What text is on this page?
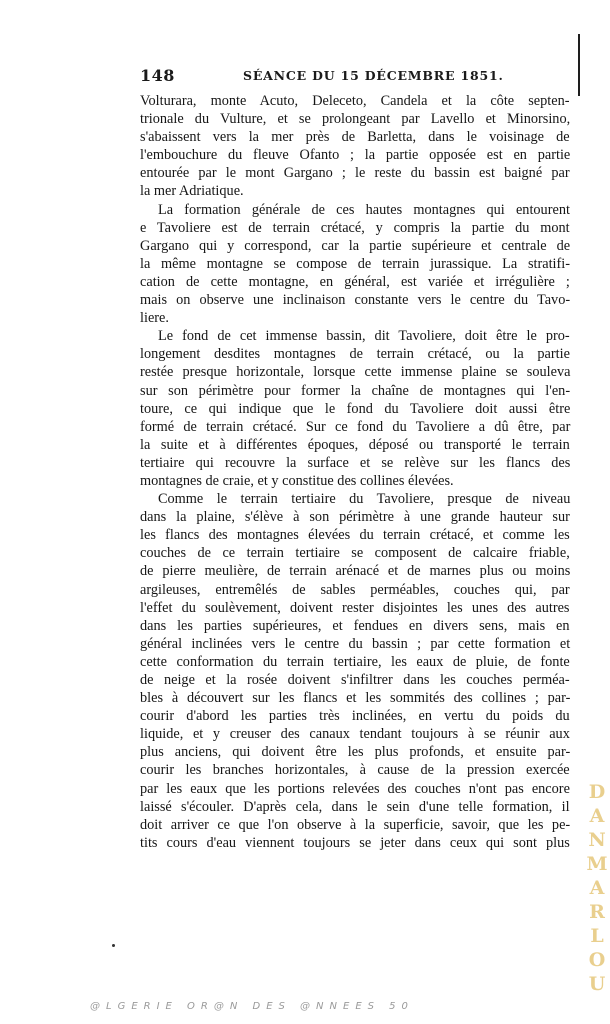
148	SÉANCE DU 15 DÉCEMBRE 1851.
Volturara, monte Acuto, Deleceto, Candela et la côte septen-
trionale du Vulture, et se prolongeant par Lavello et Minorsino,
s'abaissent vers la mer près de Barletta, dans le voisinage de
l'embouchure du fleuve Ofanto ; la partie opposée est en partie
entourée par le mont Gargano ; le reste du bassin est baigné par
la mer Adriatique.
La formation générale de ces hautes montagnes qui entourent
e Tavoliere est de terrain crétacé, y compris la partie du mont
Gargano qui y correspond, car la partie supérieure et centrale de
la même montagne se compose de terrain jurassique. La stratifi-
cation de cette montagne, en général, est variée et irrégulière ;
mais on observe une inclinaison constante vers le centre du Tavo-
liere.
Le fond de cet immense bassin, dit Tavoliere, doit être le pro-
longement desdites montagnes de terrain crétacé, ou la partie
restée presque horizontale, lorsque cette immense plaine se souleva
sur son périmètre pour former la chaîne de montagnes qui l'en-
toure, ce qui indique que le fond du Tavoliere doit aussi être
formé de terrain crétacé. Sur ce fond du Tavoliere a dû être, par
la suite et à différentes époques, déposé ou transporté le terrain
tertiaire qui recouvre la surface et se relève sur les flancs des
montagnes de craie, et y constitue des collines élevées.
Comme le terrain tertiaire du Tavoliere, presque de niveau
dans la plaine, s'élève à son périmètre à une grande hauteur sur
les flancs des montagnes élevées du terrain crétacé, et comme les
couches de ce terrain tertiaire se composent de calcaire friable,
de pierre meulière, de terrain arénacé et de marnes plus ou moins
argileuses, entremêlés de sables perméables, couches qui, par
l'effet du soulèvement, doivent rester disjointes les unes des autres
dans les parties supérieures, et fendues en divers sens, mais en
général inclinées vers le centre du bassin ; par cette formation et
cette conformation du terrain tertiaire, les eaux de pluie, de fonte
de neige et la rosée doivent s'infiltrer dans les couches perméa-
bles à découvert sur les flancs et les sommités des collines ; par-
courir d'abord les parties très inclinées, en vertu du poids du
liquide, et y creuser des canaux tendant toujours à se réunir aux
plus anciens, qui doivent être les plus profonds, et ensuite par-
courir les branches horizontales, à cause de la pression exercée
par les eaux que les portions relevées des couches n'ont pas encore
laissé s'écouler. D'après cela, dans le sein d'une telle formation, il
doit arriver ce que l'on observe à la superficie, savoir, que les pe-
tits cours d'eau viennent toujours se jeter dans ceux qui sont plus
DANMARLOU
@LGERIE OR@N DES @NNEES 50
